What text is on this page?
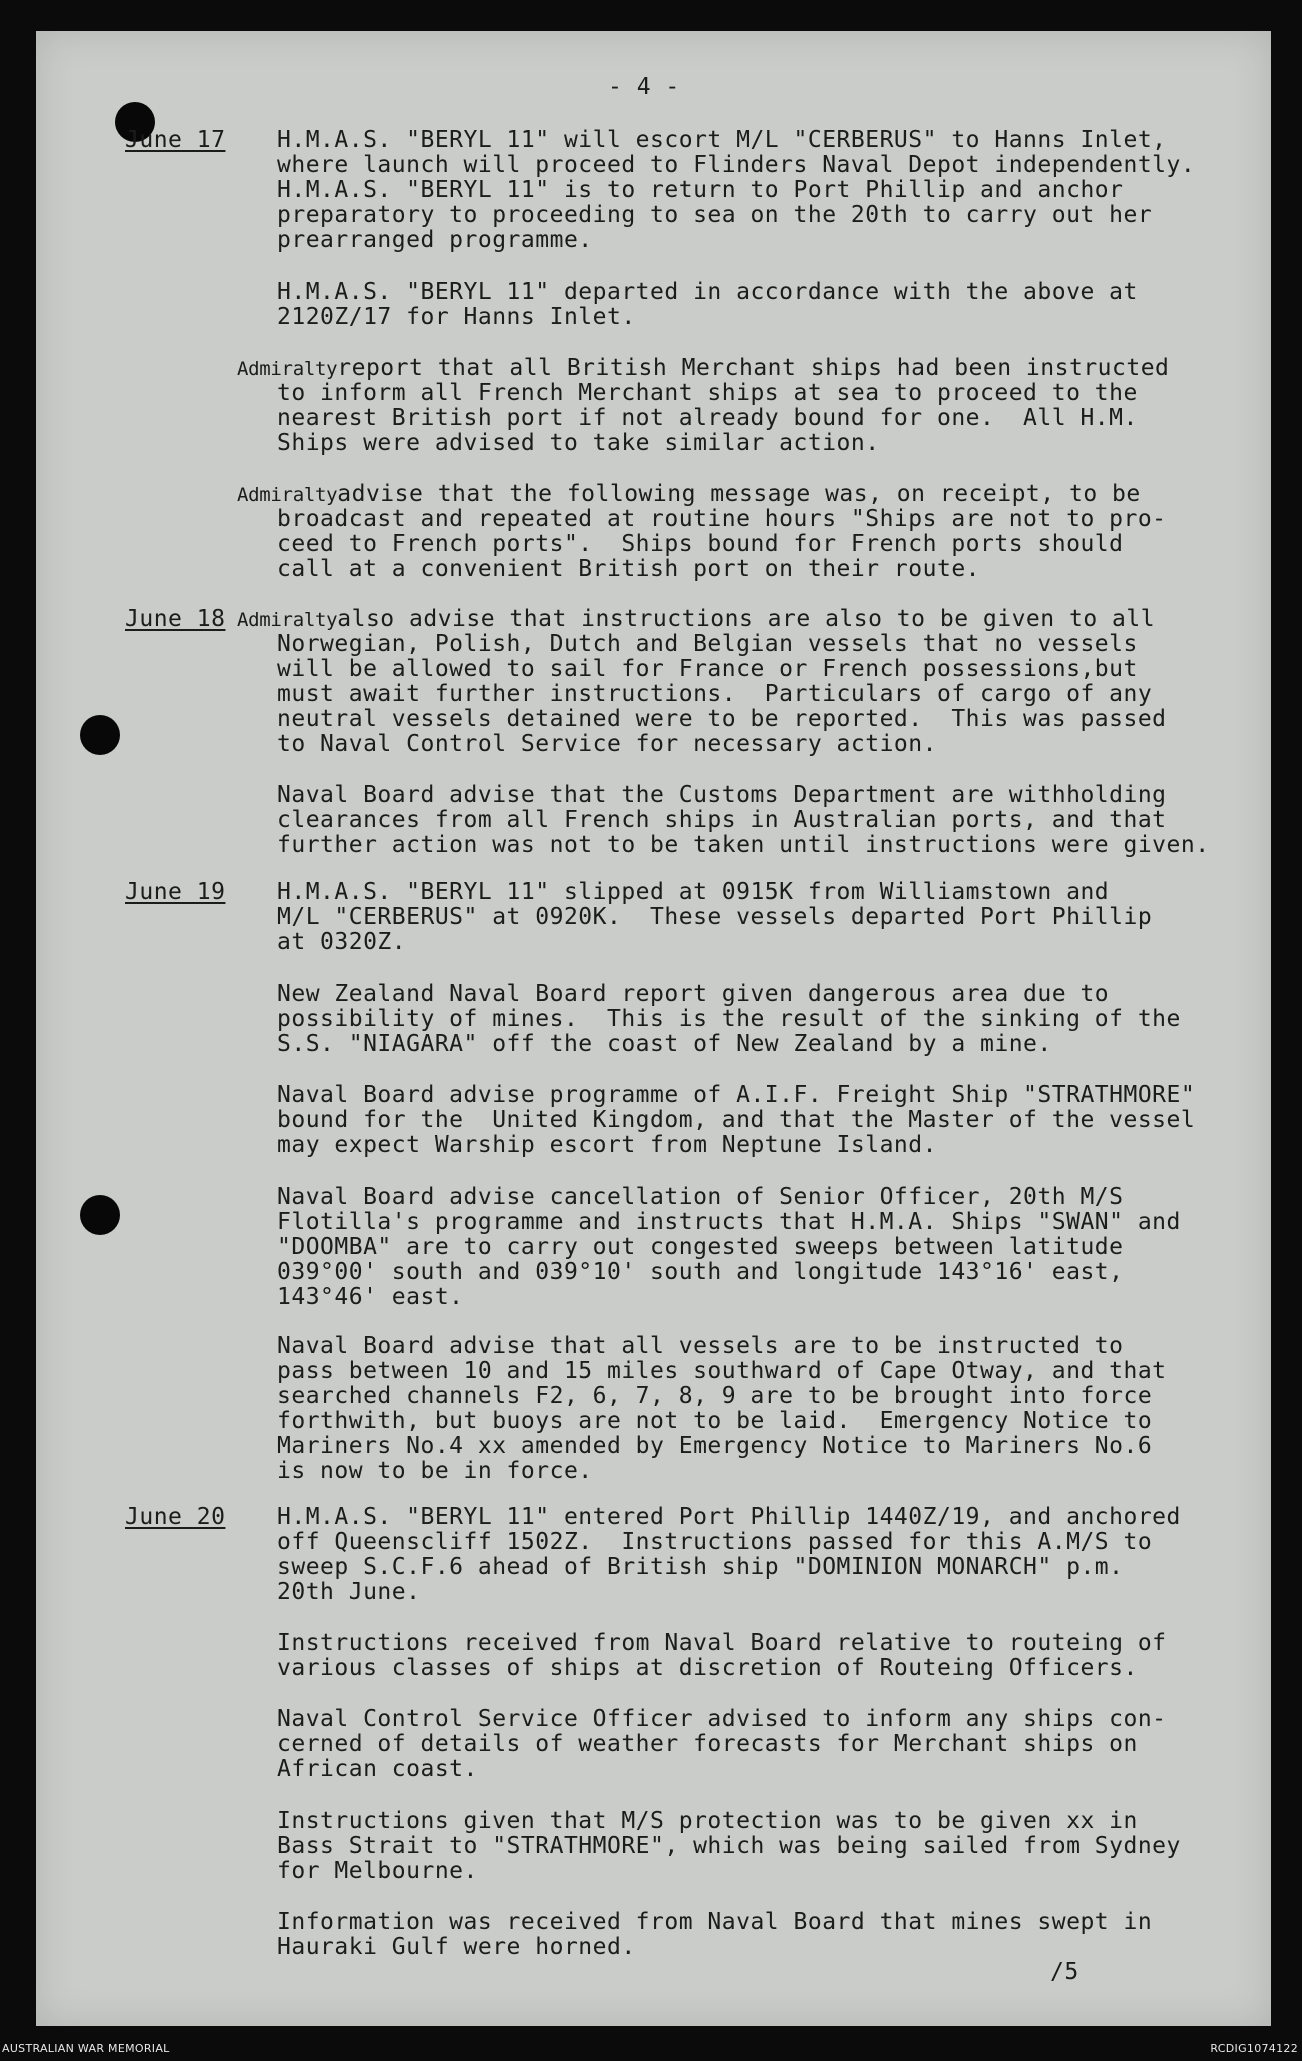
- 4 -
June 17 H.M.A.S. "BERYL 11" will escort M/L "CERBERUS" to Hanns Inlet,
where launch will proceed to Flinders Naval Depot independently.
H.M.A.S. "BERYL 11" is to return to Port Phillip and anchor
preparatory to proceeding to sea on the 20th to carry out her
prearranged programme.
H.M.A.S. "BERYL 11" departed in accordance with the above at
2120Z/17 for Hanns Inlet.
Admiraltyreport that all British Merchant ships had been instructed
to inform all French Merchant ships at sea to proceed to the
nearest British port if not already bound for one.  All H.M.
Ships were advised to take similar action.
Admiraltyadvise that the following message was, on receipt, to be
broadcast and repeated at routine hours "Ships are not to pro-
ceed to French ports".  Ships bound for French ports should
call at a convenient British port on their route.
June 18 Admiraltyalso advise that instructions are also to be given to all
Norwegian, Polish, Dutch and Belgian vessels that no vessels
will be allowed to sail for France or French possessions,but
must await further instructions.  Particulars of cargo of any
neutral vessels detained were to be reported.  This was passed
to Naval Control Service for necessary action.
Naval Board advise that the Customs Department are withholding
clearances from all French ships in Australian ports, and that
further action was not to be taken until instructions were given.
June 19 H.M.A.S. "BERYL 11" slipped at 0915K from Williamstown and
M/L "CERBERUS" at 0920K.  These vessels departed Port Phillip
at 0320Z.
New Zealand Naval Board report given dangerous area due to
possibility of mines.  This is the result of the sinking of the
S.S. "NIAGARA" off the coast of New Zealand by a mine.
Naval Board advise programme of A.I.F. Freight Ship "STRATHMORE"
bound for the  United Kingdom, and that the Master of the vessel
may expect Warship escort from Neptune Island.
Naval Board advise cancellation of Senior Officer, 20th M/S
Flotilla's programme and instructs that H.M.A. Ships "SWAN" and
"DOOMBA" are to carry out congested sweeps between latitude
039°00' south and 039°10' south and longitude 143°16' east,
143°46' east.
Naval Board advise that all vessels are to be instructed to
pass between 10 and 15 miles southward of Cape Otway, and that
searched channels F2, 6, 7, 8, 9 are to be brought into force
forthwith, but buoys are not to be laid.  Emergency Notice to
Mariners No.4 xx amended by Emergency Notice to Mariners No.6
is now to be in force.
June 20 H.M.A.S. "BERYL 11" entered Port Phillip 1440Z/19, and anchored
off Queenscliff 1502Z.  Instructions passed for this A.M/S to
sweep S.C.F.6 ahead of British ship "DOMINION MONARCH" p.m.
20th June.
Instructions received from Naval Board relative to routeing of
various classes of ships at discretion of Routeing Officers.
Naval Control Service Officer advised to inform any ships con-
cerned of details of weather forecasts for Merchant ships on
African coast.
Instructions given that M/S protection was to be given xx in
Bass Strait to "STRATHMORE", which was being sailed from Sydney
for Melbourne.
Information was received from Naval Board that mines swept in
Hauraki Gulf were horned.
/5
AUSTRALIAN WAR MEMORIAL	RCDIG1074122
